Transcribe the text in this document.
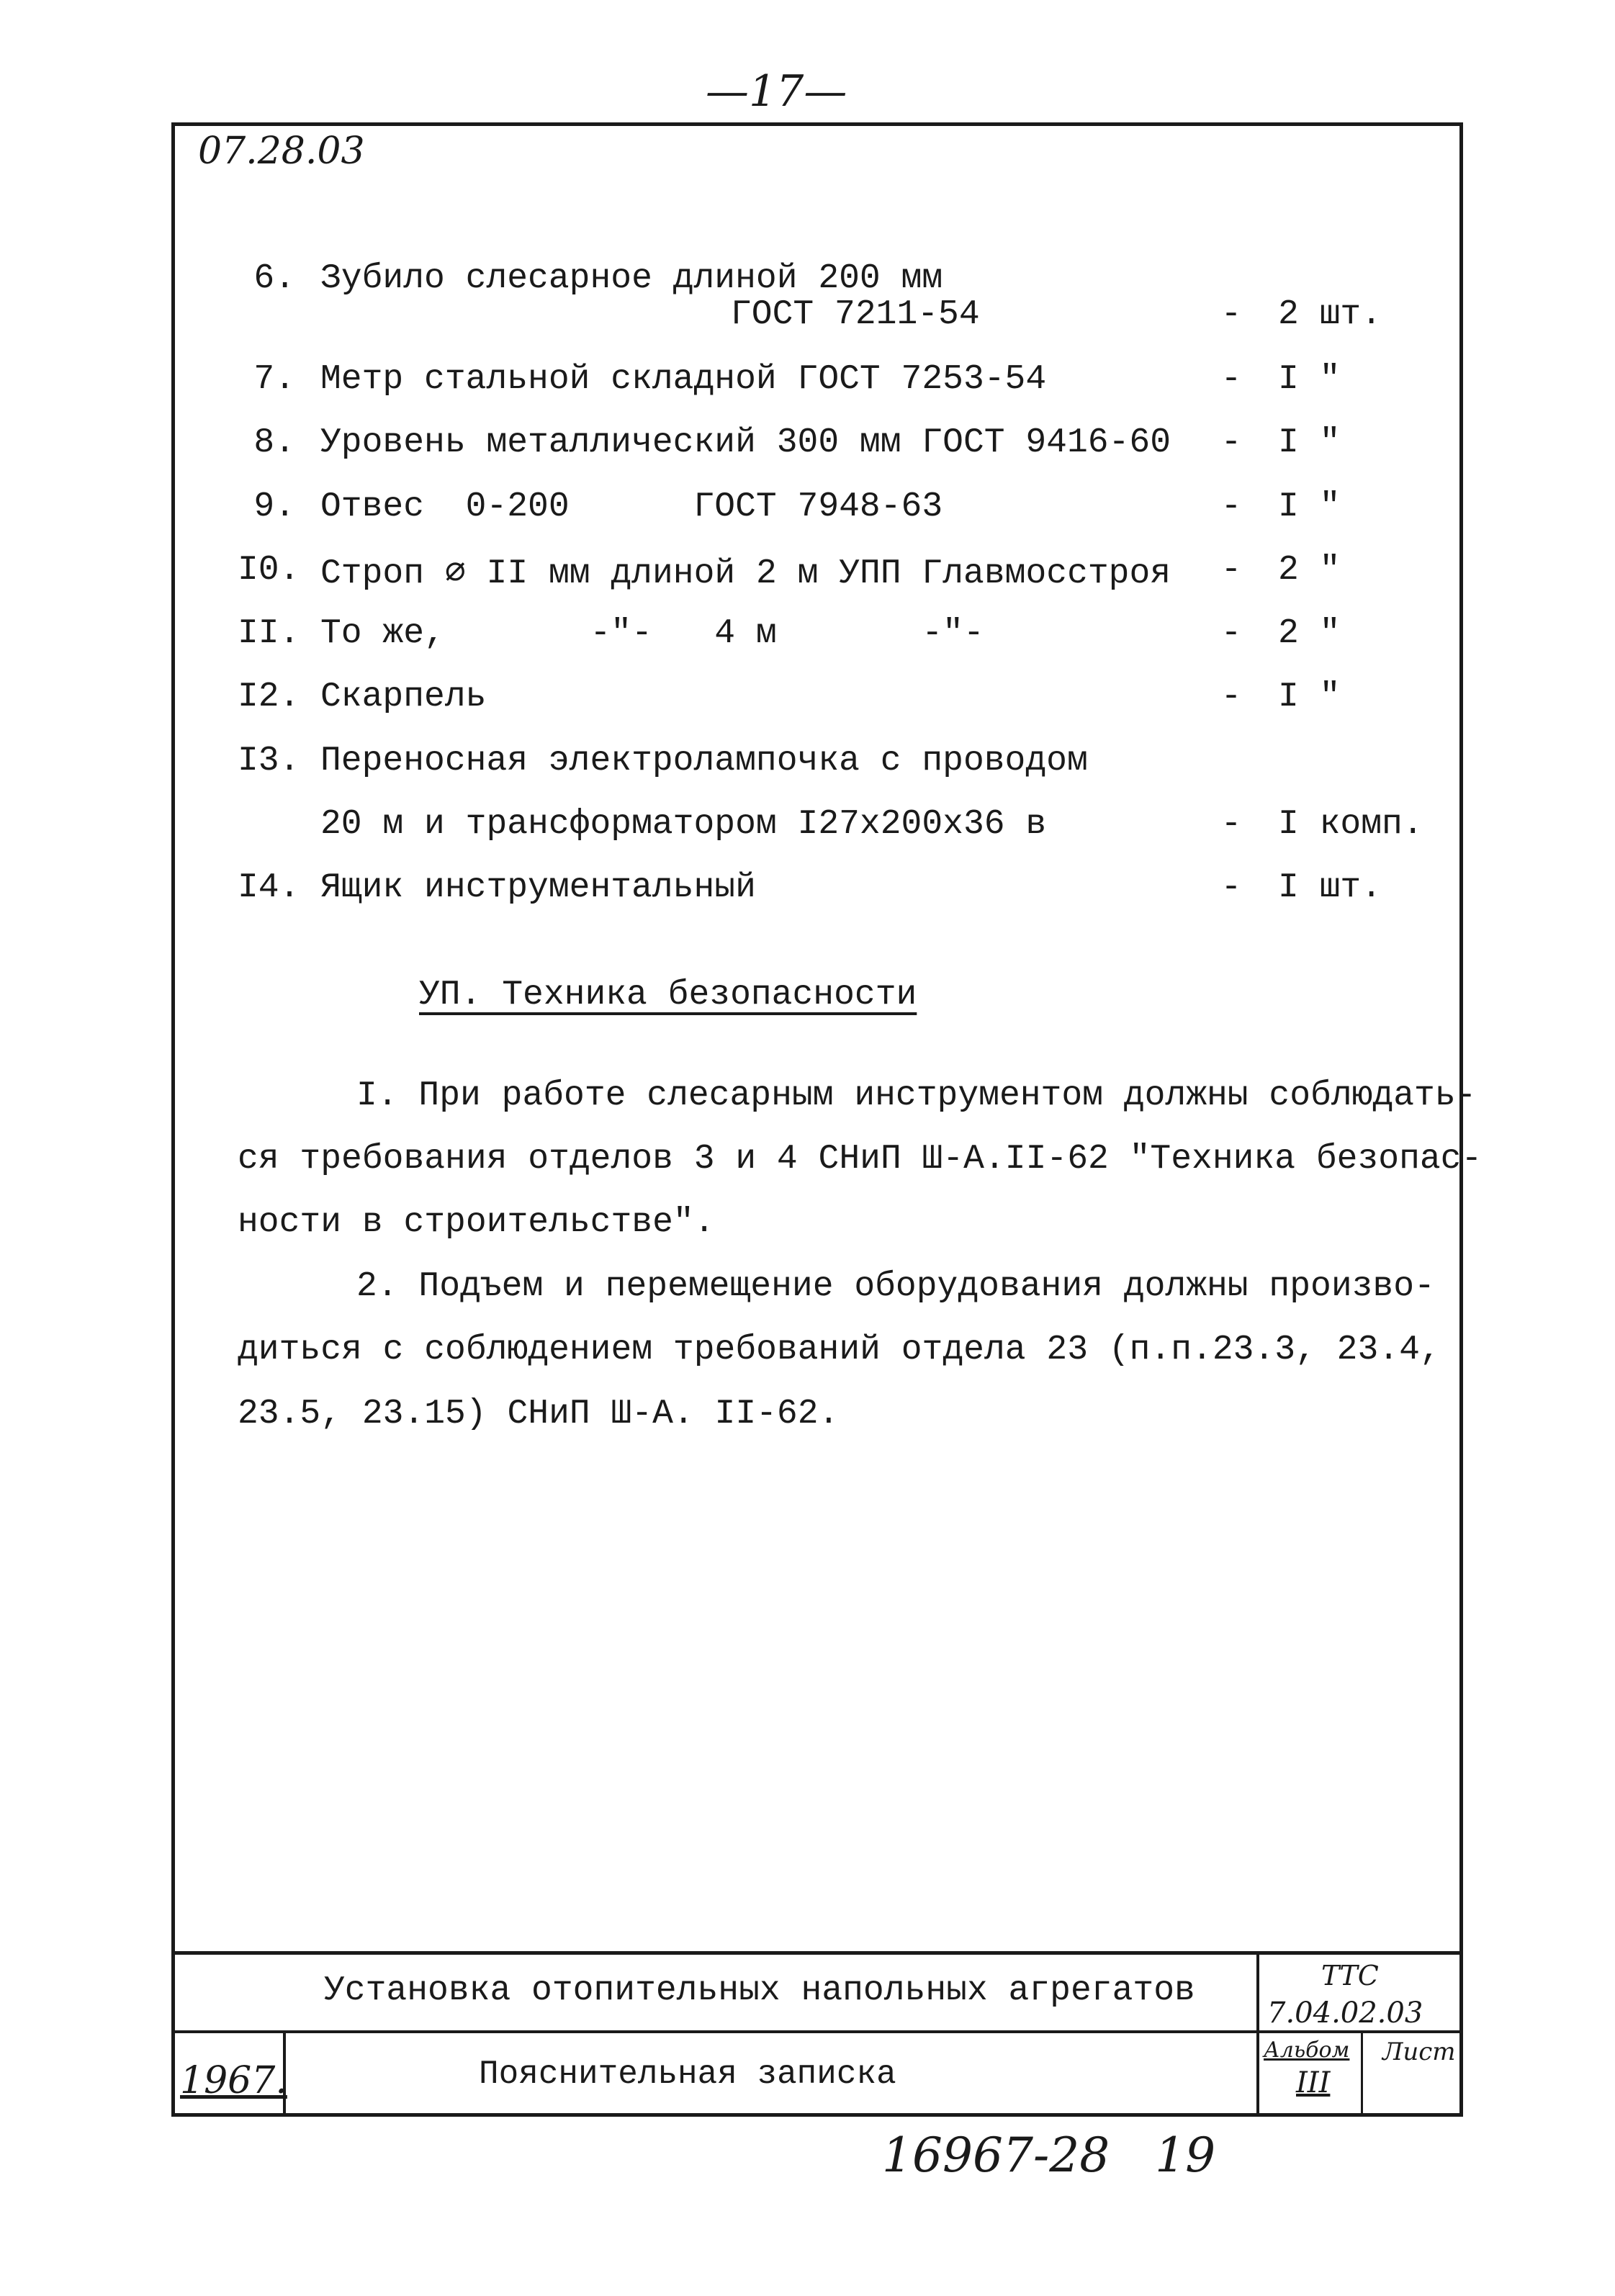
—17—
07.28.03
6. Зубило слесарное длиной 200 мм
ГОСТ 7211-54	- 2 шт.
7. Метр стальной складной ГОСТ 7253-54	- I "
8. Уровень металлический 300 мм ГОСТ 9416-60 - I "
9. Отвес  0-200      ГОСТ 7948-63	- I "
I0. Строп ∅ II мм длиной 2 м УПП Главмосстроя - 2 "
II. То же,       -"-   4 м       -"-	- 2 "
I2. Скарпель	- I "
I3. Переносная электролампочка с проводом
20 м и трансформатором I27х200х36 в	- I комп.
I4. Ящик инструментальный	- I шт.
УП. Техника безопасности
I. При работе слесарным инструментом должны соблюдать-
ся требования отделов 3 и 4 СНиП Ш-А.II-62 "Техника безопас-
ности в строительстве".
2. Подъем и перемещение оборудования должны произво-
диться с соблюдением требований отдела 23 (п.п.23.3, 23.4,
23.5, 23.15) СНиП Ш-А. II-62.
Установка отопительных напольных агрегатов
Пояснительная записка
ТТС
7.04.02.03
Альбом Лист
III
1967.
16967-28   19
